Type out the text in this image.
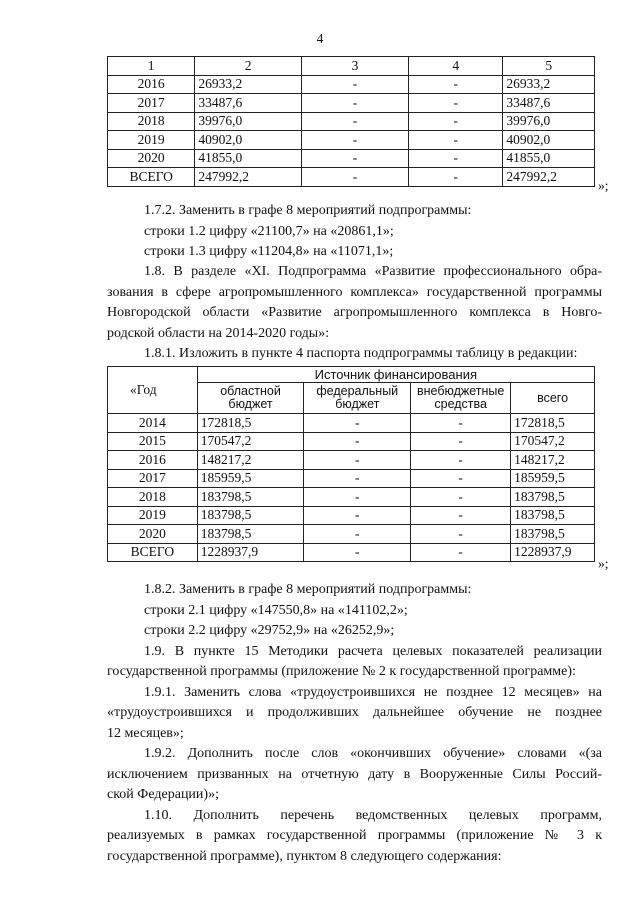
4
1	2	3	4	5
2016	26933,2	-	-	26933,2
2017	33487,6	-	-	33487,6
2018	39976,0	-	-	39976,0
2019	40902,0	-	-	40902,0
2020	41855,0	-	-	41855,0
ВСЕГО	247992,2	-	-	247992,2
»;
1.7.2. Заменить в графе 8 мероприятий подпрограммы:
строки 1.2 цифру «21100,7» на «20861,1»;
строки 1.3 цифру «11204,8» на «11071,1»;
1.8. В разделе «XI. Подпрограмма «Развитие профессионального обра-
зования в сфере агропромышленного комплекса» государственной программы
Новгородской области «Развитие агропромышленного комплекса в Новго-
родской области на 2014-2020 годы»:
1.8.1. Изложить в пункте 4 паспорта подпрограммы таблицу в редакции:
«Год	Источник финансирования			
	областной бюджет	федеральный бюджет	внебюджетные средства	всего
2014	172818,5	-	-	172818,5
2015	170547,2	-	-	170547,2
2016	148217,2	-	-	148217,2
2017	185959,5	-	-	185959,5
2018	183798,5	-	-	183798,5
2019	183798,5	-	-	183798,5
2020	183798,5	-	-	183798,5
ВСЕГО	1228937,9	-	-	1228937,9
»;
1.8.2. Заменить в графе 8 мероприятий подпрограммы:
строки 2.1 цифру «147550,8» на «141102,2»;
строки 2.2 цифру «29752,9» на «26252,9»;
1.9. В пункте 15 Методики расчета целевых показателей реализации
государственной программы (приложение № 2 к государственной программе):
1.9.1. Заменить слова «трудоустроившихся не позднее 12 месяцев» на
«трудоустроившихся и продолживших дальнейшее обучение не позднее
12 месяцев»;
1.9.2. Дополнить после слов «окончивших обучение» словами «(за
исключением призванных на отчетную дату в Вооруженные Силы Россий-
ской Федерации)»;
1.10. Дополнить перечень ведомственных целевых программ,
реализуемых в рамках государственной программы (приложение № 3 к
государственной программе), пунктом 8 следующего содержания:
